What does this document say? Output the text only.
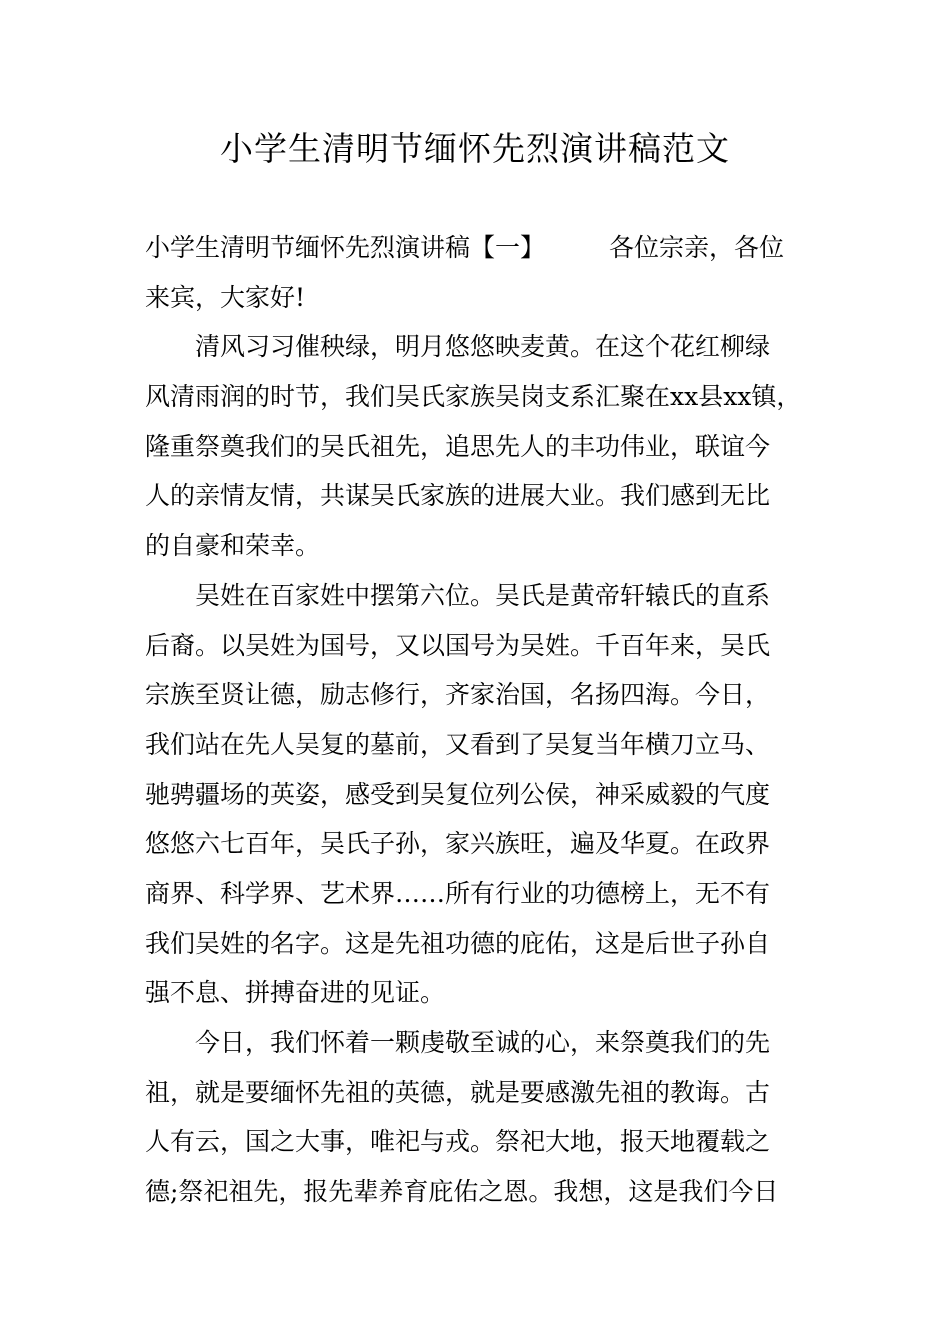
小学生清明节缅怀先烈演讲稿范文
小学生清明节缅怀先烈演讲稿【一】	各位宗亲，各位
来宾，大家好!
清风习习催秧绿，明月悠悠映麦黄。在这个花红柳绿
风清雨润的时节，我们吴氏家族吴岗支系汇聚在xx县xx镇，
隆重祭奠我们的吴氏祖先，追思先人的丰功伟业，联谊今
人的亲情友情，共谋吴氏家族的进展大业。我们感到无比
的自豪和荣幸。
吴姓在百家姓中摆第六位。吴氏是黄帝轩辕氏的直系
后裔。以吴姓为国号，又以国号为吴姓。千百年来，吴氏
宗族至贤让德，励志修行，齐家治国，名扬四海。今日，
我们站在先人吴复的墓前，又看到了吴复当年横刀立马、
驰骋疆场的英姿，感受到吴复位列公侯，神采威毅的气度
悠悠六七百年，吴氏子孙，家兴族旺，遍及华夏。在政界
商界、科学界、艺术界……所有行业的功德榜上，无不有
我们吴姓的名字。这是先祖功德的庇佑，这是后世子孙自
强不息、拼搏奋进的见证。
今日，我们怀着一颗虔敬至诚的心，来祭奠我们的先
祖，就是要缅怀先祖的英德，就是要感激先祖的教诲。古
人有云，国之大事，唯祀与戎。祭祀大地，报天地覆载之
德;祭祀祖先，报先辈养育庇佑之恩。我想，这是我们今日
